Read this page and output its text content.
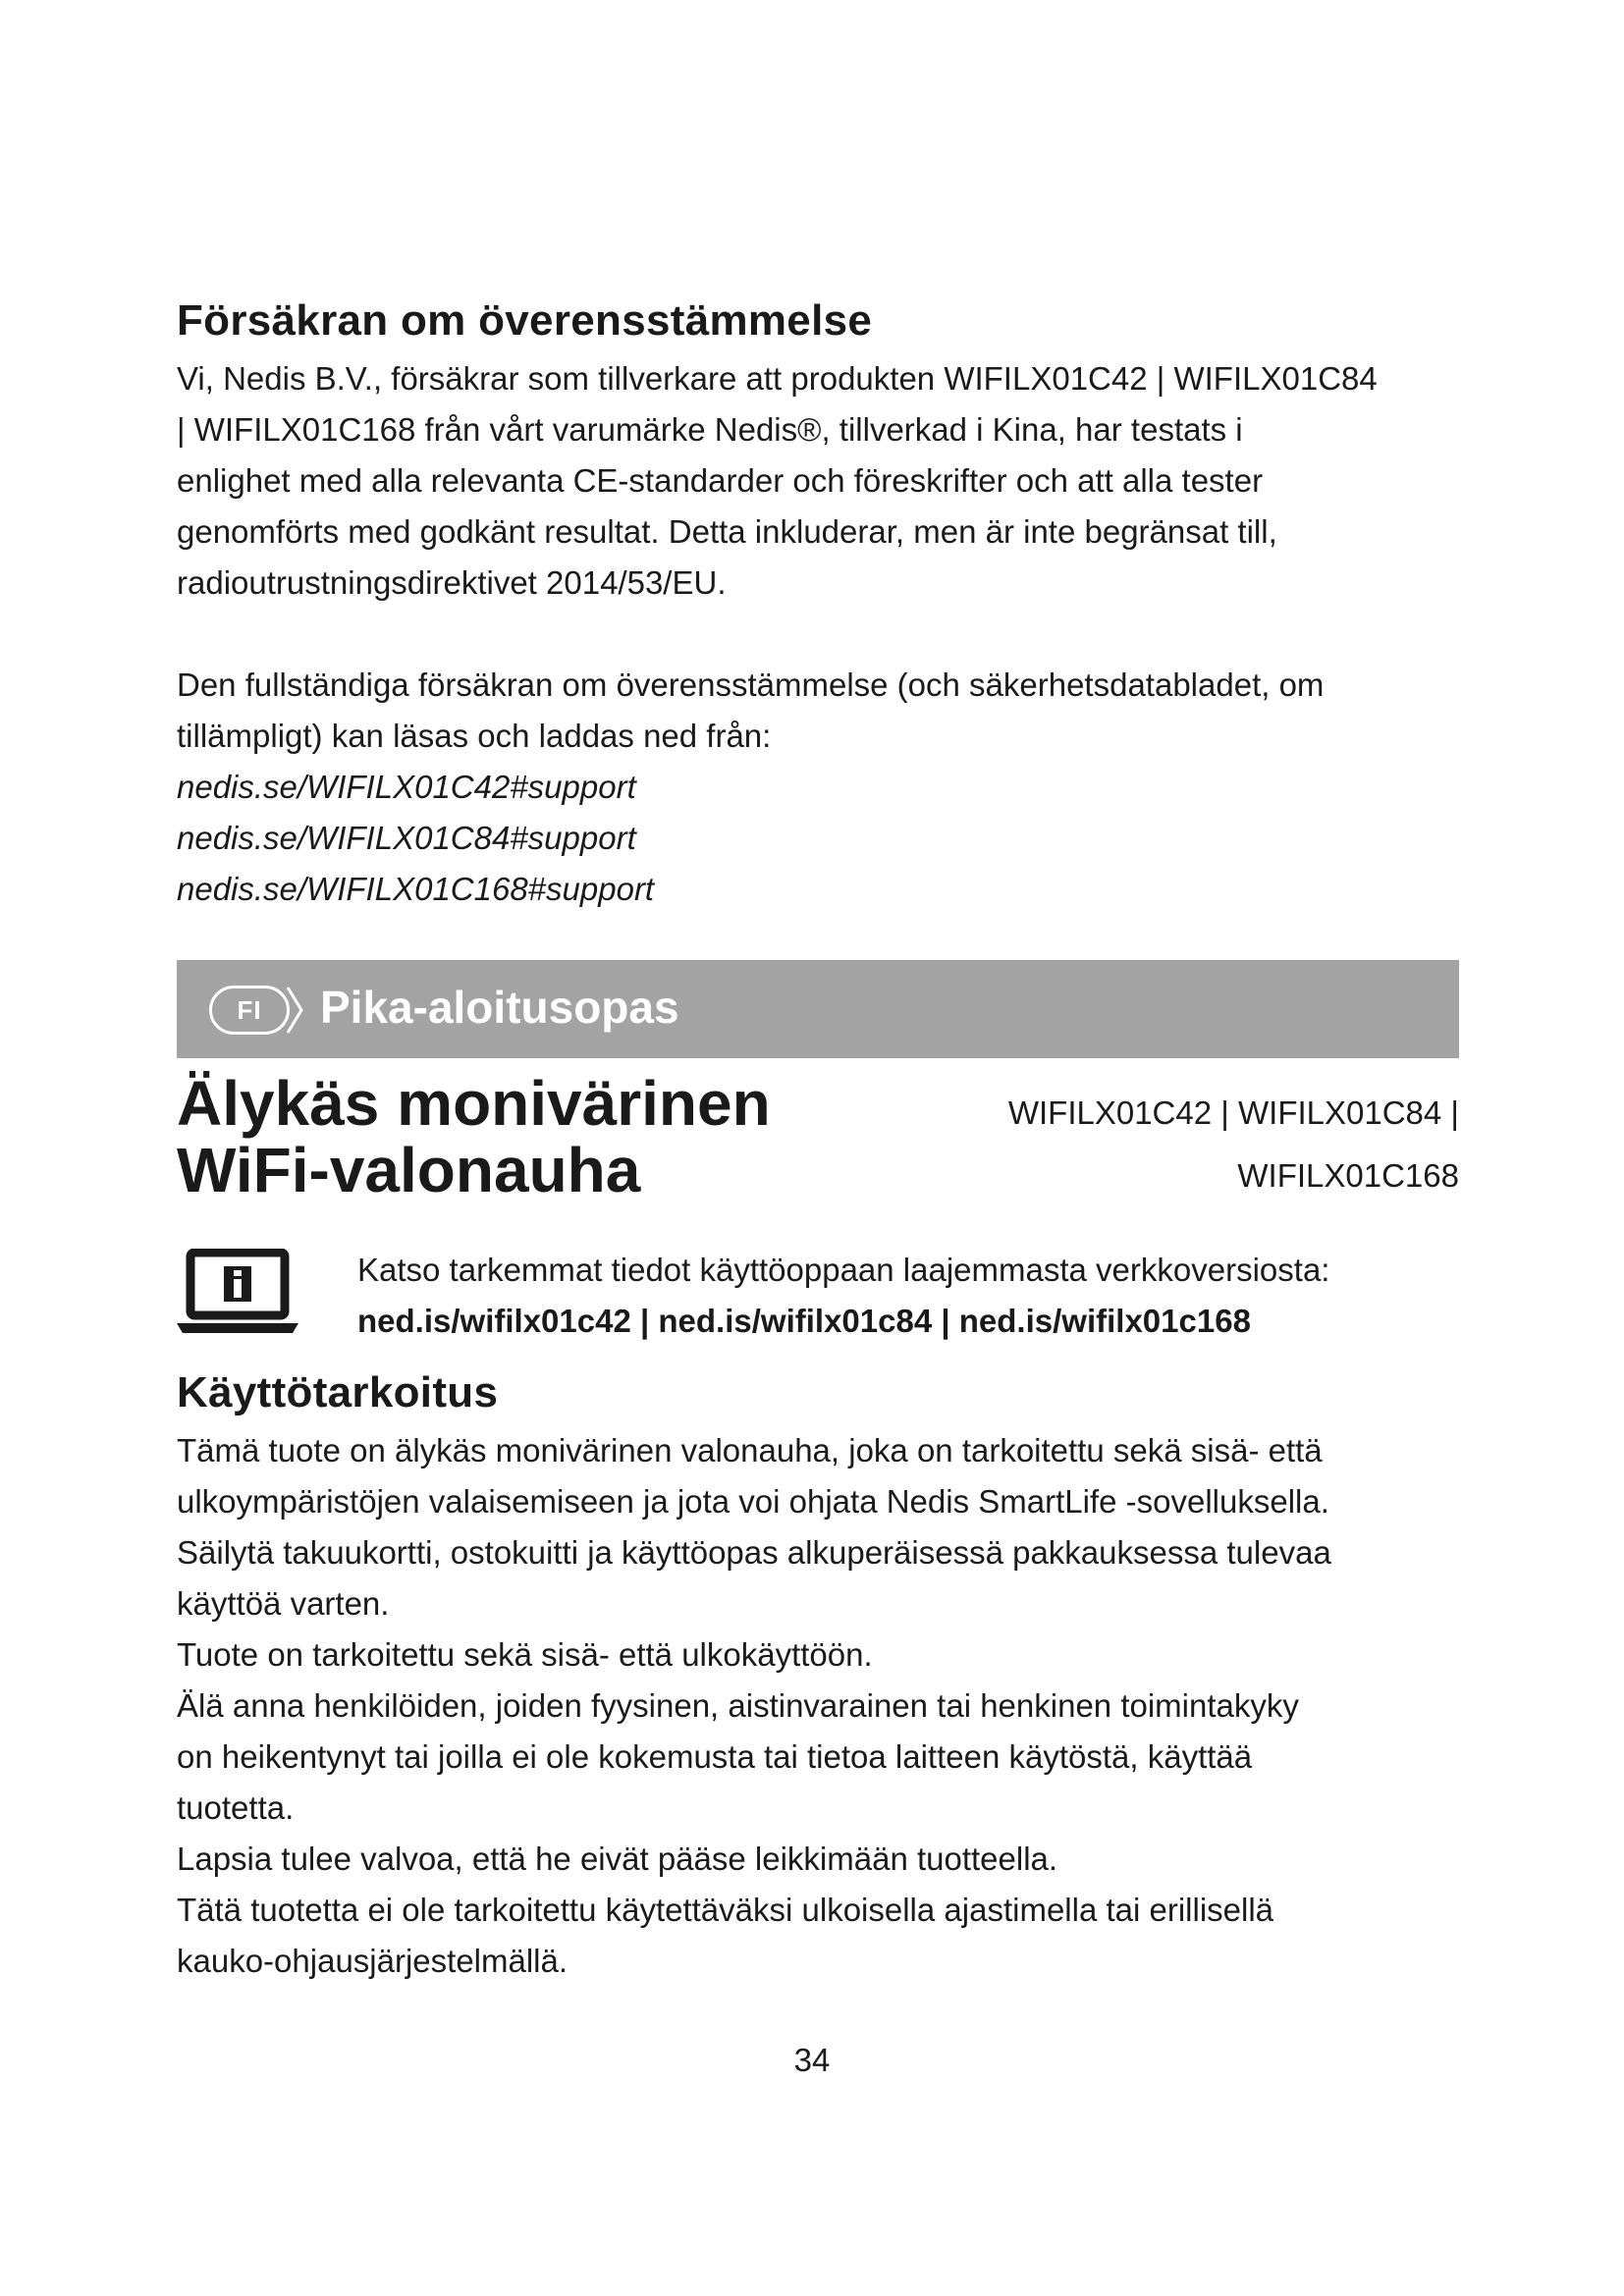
Försäkran om överensstämmelse
Vi, Nedis B.V., försäkrar som tillverkare att produkten WIFILX01C42 | WIFILX01C84
| WIFILX01C168 från vårt varumärke Nedis®, tillverkad i Kina, har testats i
enlighet med alla relevanta CE-standarder och föreskrifter och att alla tester
genomförts med godkänt resultat. Detta inkluderar, men är inte begränsat till,
radioutrustningsdirektivet 2014/53/EU.
Den fullständiga försäkran om överensstämmelse (och säkerhetsdatabladet, om
tillämpligt) kan läsas och laddas ned från:
nedis.se/WIFILX01C42#support
nedis.se/WIFILX01C84#support
nedis.se/WIFILX01C168#support
FI	Pika-aloitusopas
Älykäs monivärinen
WiFi-valonauha
WIFILX01C42 | WIFILX01C84 |
WIFILX01C168
Katso tarkemmat tiedot käyttöoppaan laajemmasta verkkoversiosta:
ned.is/wifilx01c42 | ned.is/wifilx01c84 | ned.is/wifilx01c168
Käyttötarkoitus
Tämä tuote on älykäs monivärinen valonauha, joka on tarkoitettu sekä sisä- että
ulkoympäristöjen valaisemiseen ja jota voi ohjata Nedis SmartLife -sovelluksella.
Säilytä takuukortti, ostokuitti ja käyttöopas alkuperäisessä pakkauksessa tulevaa
käyttöä varten.
Tuote on tarkoitettu sekä sisä- että ulkokäyttöön.
Älä anna henkilöiden, joiden fyysinen, aistinvarainen tai henkinen toimintakyky
on heikentynyt tai joilla ei ole kokemusta tai tietoa laitteen käytöstä, käyttää
tuotetta.
Lapsia tulee valvoa, että he eivät pääse leikkimään tuotteella.
Tätä tuotetta ei ole tarkoitettu käytettäväksi ulkoisella ajastimella tai erillisellä
kauko-ohjausjärjestelmällä.
34
